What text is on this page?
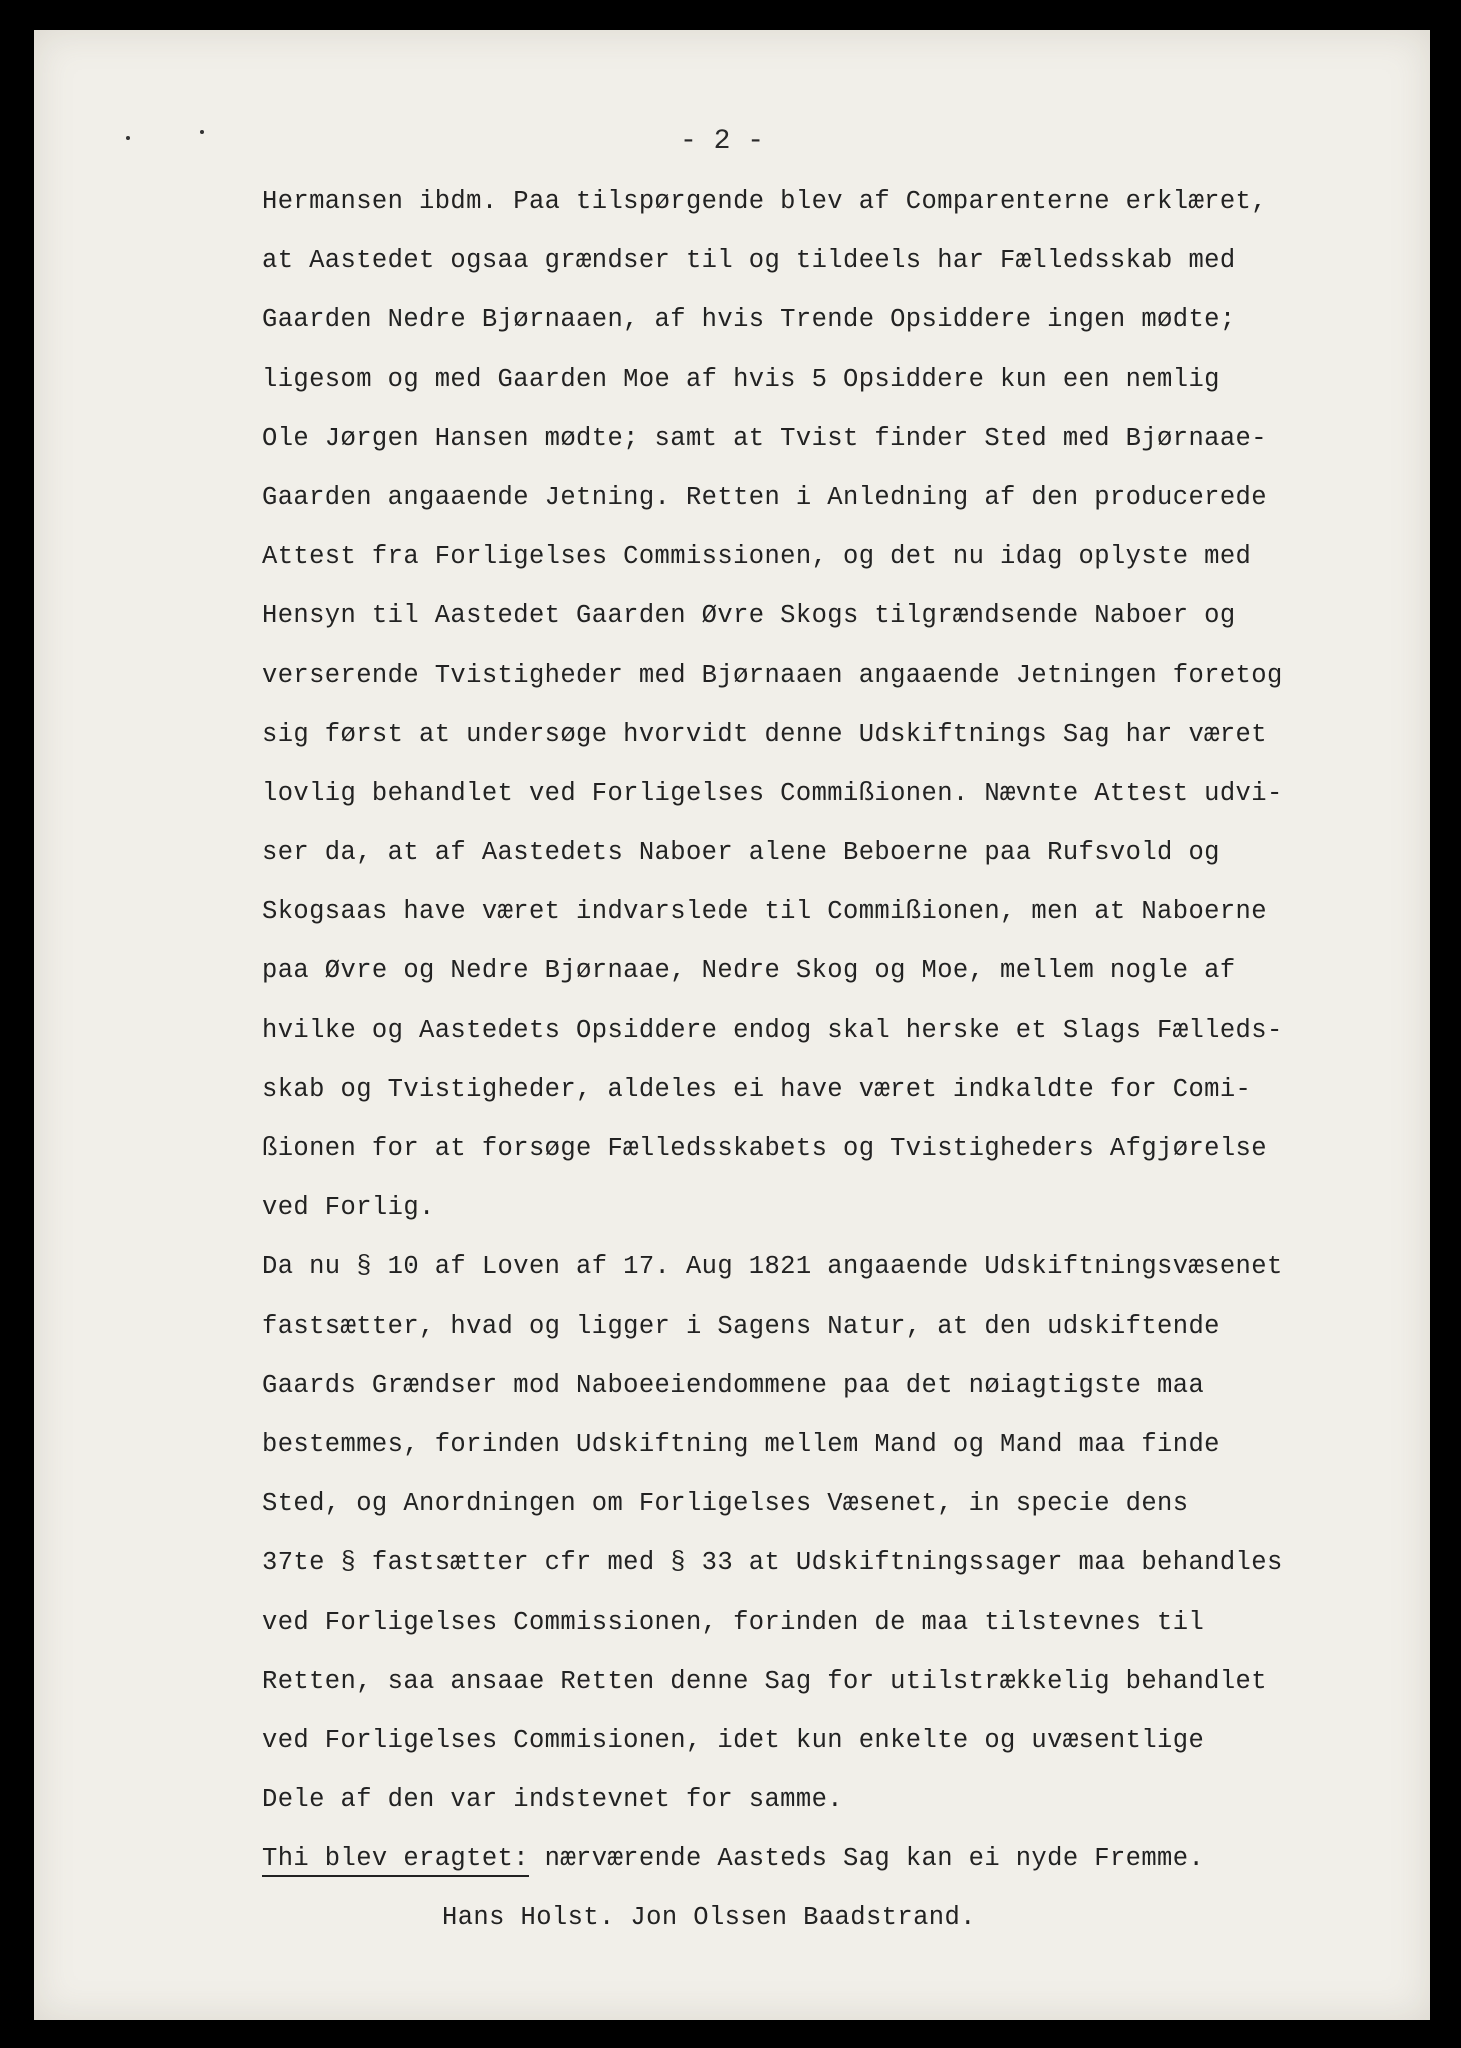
- 2 -
Hermansen ibdm. Paa tilspørgende blev af Comparenterne erklæret,
at Aastedet ogsaa grændser til og tildeels har Fælledsskab med
Gaarden Nedre Bjørnaaen, af hvis Trende Opsiddere ingen mødte;
ligesom og med Gaarden Moe af hvis 5 Opsiddere kun een nemlig
Ole Jørgen Hansen mødte; samt at Tvist finder Sted med Bjørnaae-
Gaarden angaaende Jetning. Retten i Anledning af den producerede
Attest fra Forligelses Commissionen, og det nu idag oplyste med
Hensyn til Aastedet Gaarden Øvre Skogs tilgrændsende Naboer og
verserende Tvistigheder med Bjørnaaen angaaende Jetningen foretog
sig først at undersøge hvorvidt denne Udskiftnings Sag har været
lovlig behandlet ved Forligelses Commißionen. Nævnte Attest udvi-
ser da, at af Aastedets Naboer alene Beboerne paa Rufsvold og
Skogsaas have været indvarslede til Commißionen, men at Naboerne
paa Øvre og Nedre Bjørnaae, Nedre Skog og Moe, mellem nogle af
hvilke og Aastedets Opsiddere endog skal herske et Slags Fælleds-
skab og Tvistigheder, aldeles ei have været indkaldte for Comi-
ßionen for at forsøge Fælledsskabets og Tvistigheders Afgjørelse
ved Forlig.
Da nu § 10 af Loven af 17. Aug 1821 angaaende Udskiftningsvæsenet
fastsætter, hvad og ligger i Sagens Natur, at den udskiftende
Gaards Grændser mod Naboeeiendommene paa det nøiagtigste maa
bestemmes, forinden Udskiftning mellem Mand og Mand maa finde
Sted, og Anordningen om Forligelses Væsenet, in specie dens
37te § fastsætter cfr med § 33 at Udskiftningssager maa behandles
ved Forligelses Commissionen, forinden de maa tilstevnes til
Retten, saa ansaae Retten denne Sag for utilstrækkelig behandlet
ved Forligelses Commisionen, idet kun enkelte og uvæsentlige
Dele af den var indstevnet for samme.
Thi blev eragtet: nærværende Aasteds Sag kan ei nyde Fremme.
Hans Holst. Jon Olssen Baadstrand.
